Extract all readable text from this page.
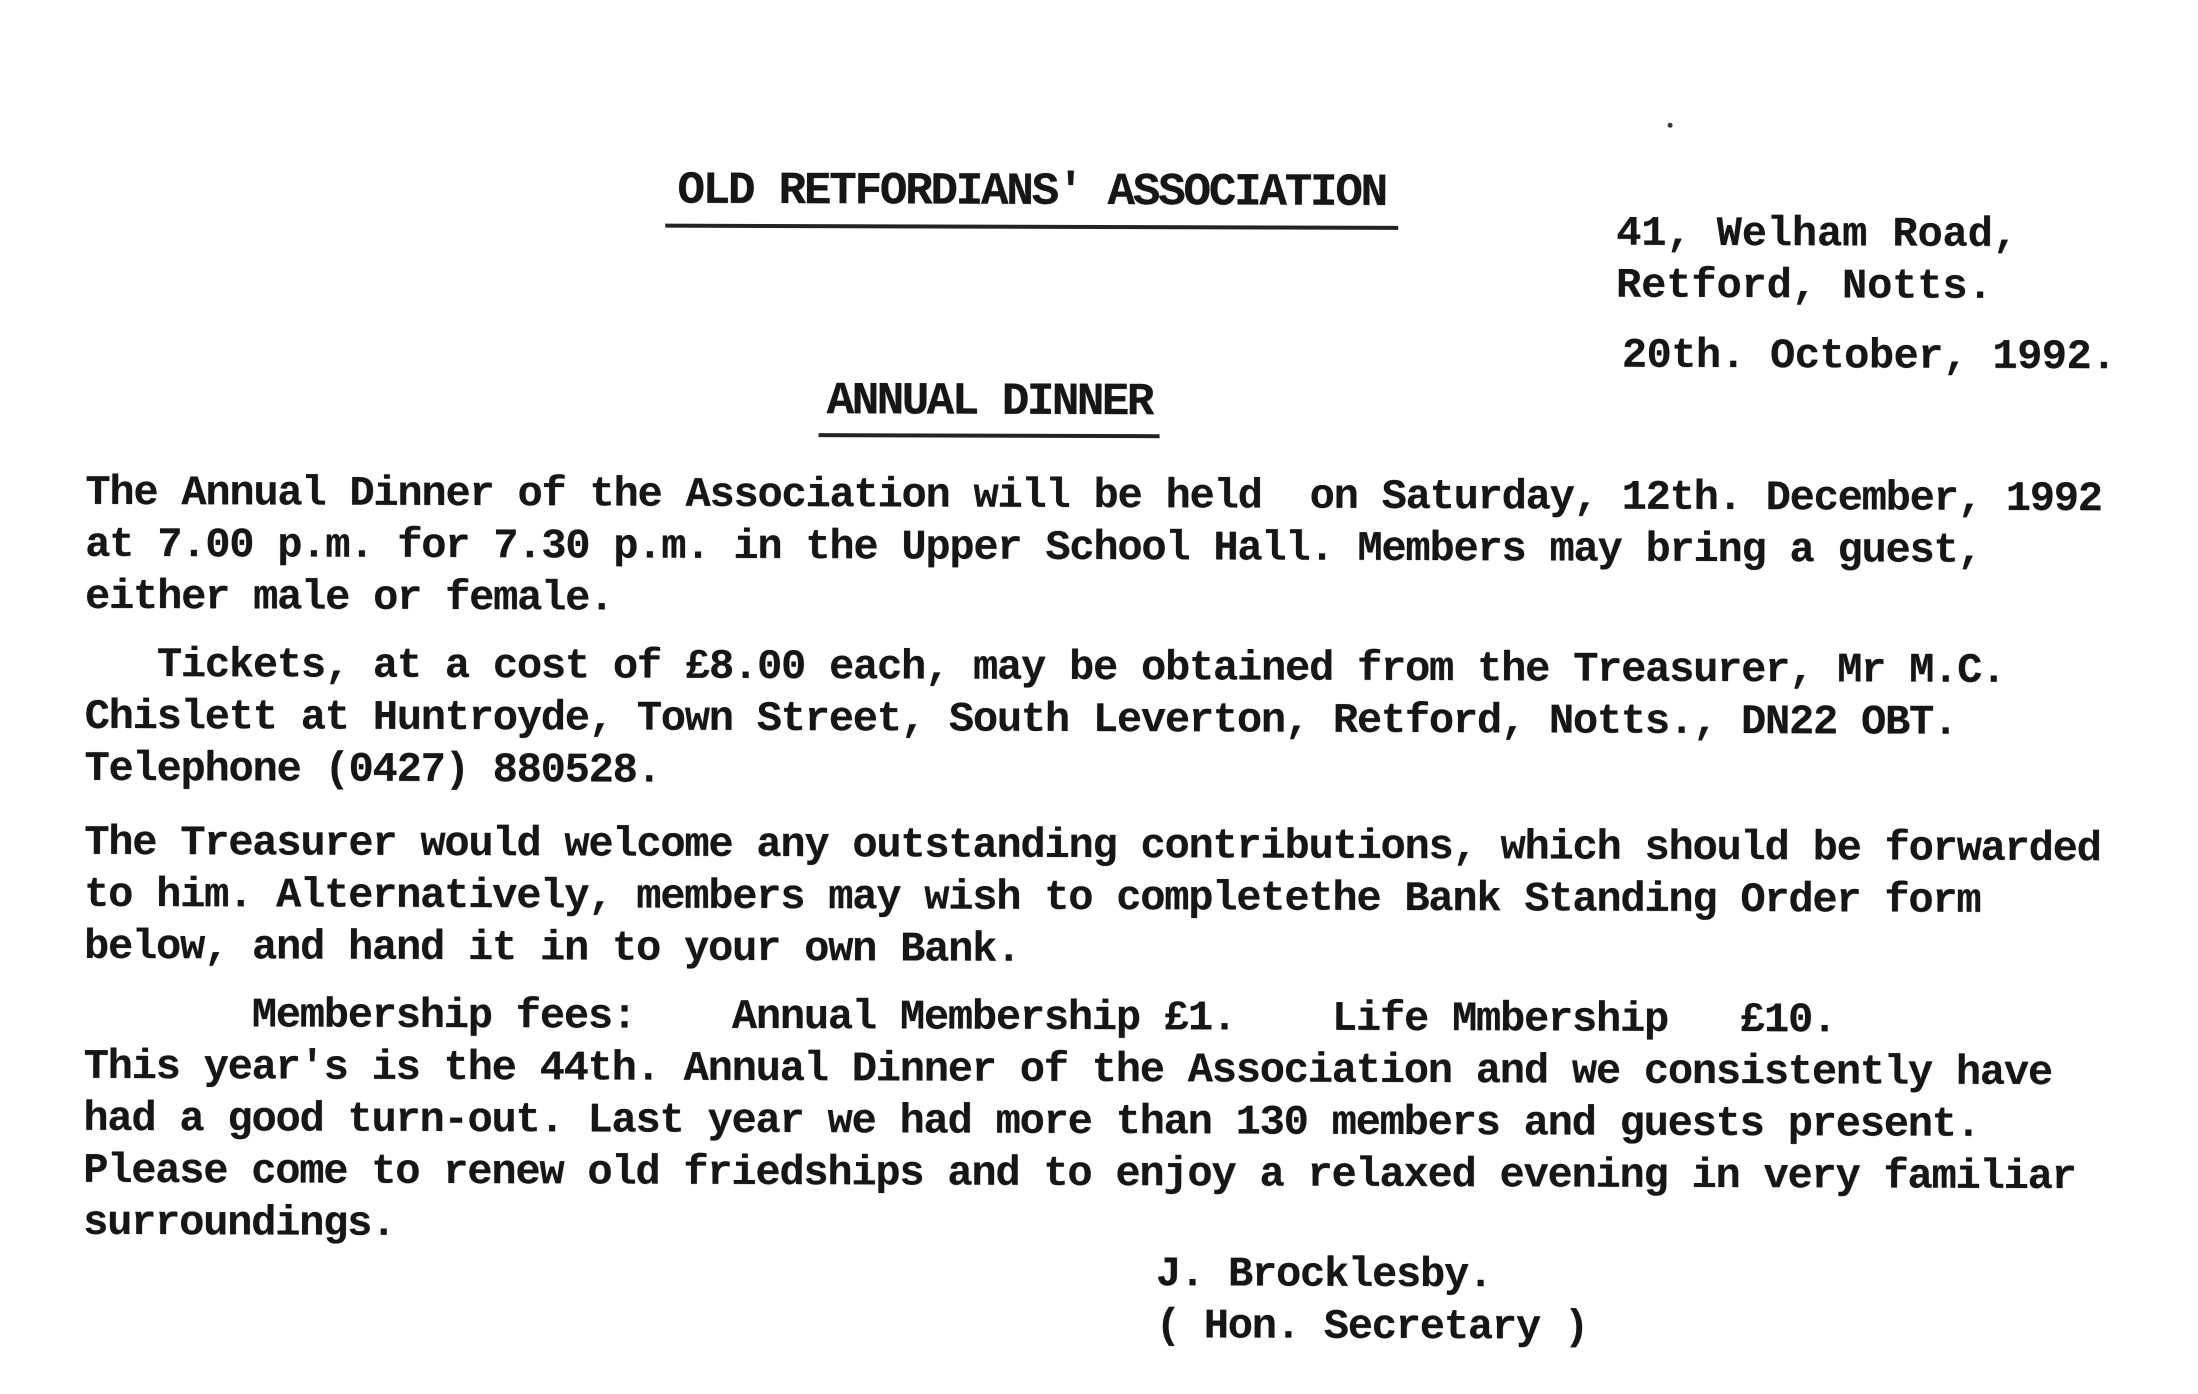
OLD RETFORDIANS' ASSOCIATION
41, Welham Road,
Retford, Notts.
20th. October, 1992.
ANNUAL DINNER
The Annual Dinner of the Association will be held  on Saturday, 12th. December, 1992
at 7.00 p.m. for 7.30 p.m. in the Upper School Hall. Members may bring a guest,
either male or female.
Tickets, at a cost of £8.00 each, may be obtained from the Treasurer, Mr M.C.
Chislett at Huntroyde, Town Street, South Leverton, Retford, Notts., DN22 OBT.
Telephone (0427) 880528.
The Treasurer would welcome any outstanding contributions, which should be forwarded
to him. Alternatively, members may wish to completethe Bank Standing Order form
below, and hand it in to your own Bank.
Membership fees:    Annual Membership £1.    Life Mmbership   £10.
This year's is the 44th. Annual Dinner of the Association and we consistently have
had a good turn-out. Last year we had more than 130 members and guests present.
Please come to renew old friedships and to enjoy a relaxed evening in very familiar
surroundings.
J. Brocklesby.
( Hon. Secretary )
